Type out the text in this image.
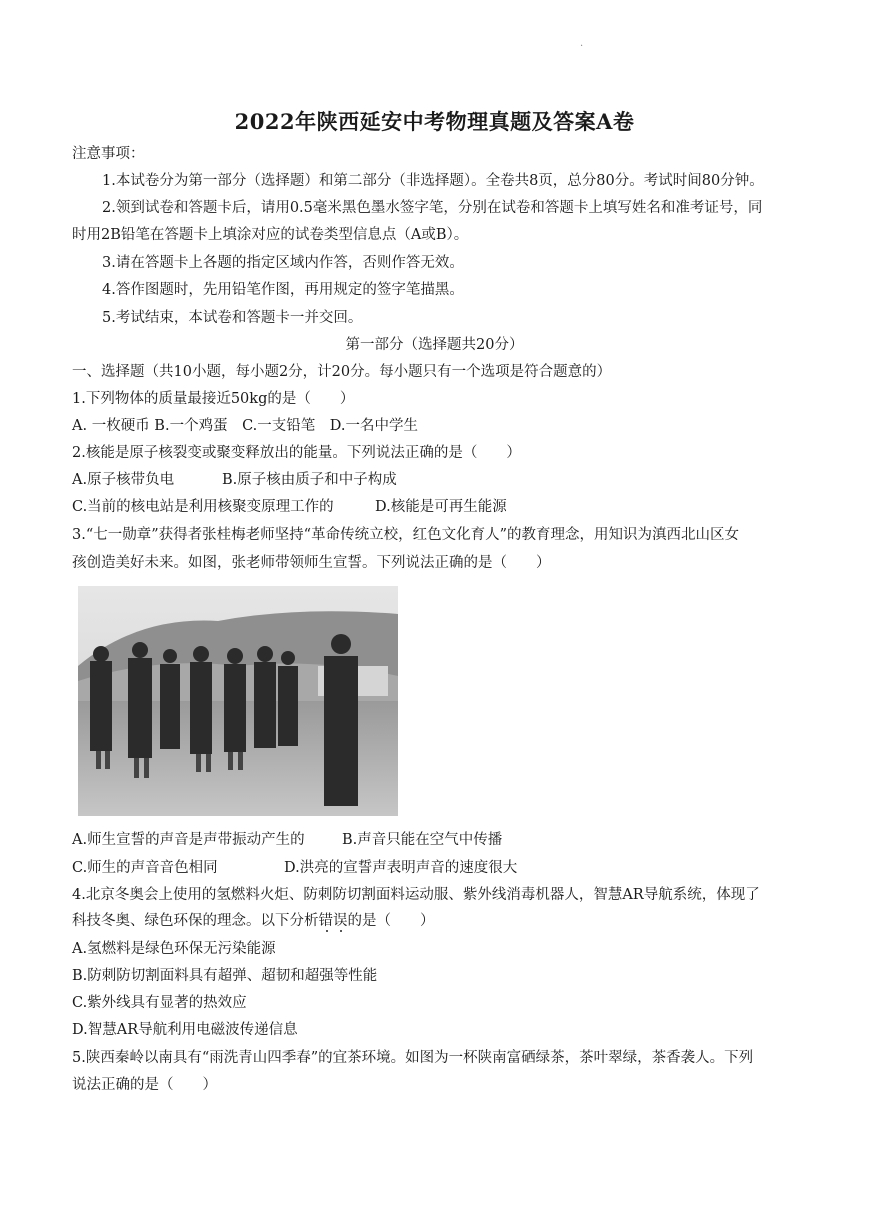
.
2022年陕西延安中考物理真题及答案A卷
注意事项：
1.本试卷分为第一部分（选择题）和第二部分（非选择题）。全卷共8页，总分80分。考试时间80分钟。
2.领到试卷和答题卡后，请用0.5毫米黑色墨水签字笔，分别在试卷和答题卡上填写姓名和准考证号，同
时用2B铅笔在答题卡上填涂对应的试卷类型信息点（A或B）。
3.请在答题卡上各题的指定区域内作答，否则作答无效。
4.答作图题时，先用铅笔作图，再用规定的签字笔描黑。
5.考试结束，本试卷和答题卡一并交回。
第一部分（选择题共20分）
一、选择题（共10小题，每小题2分，计20分。每小题只有一个选项是符合题意的）
1.下列物体的质量最接近50kg的是（　　）
A. 一枚硬币 B.一个鸡蛋　C.一支铅笔　D.一名中学生
2.核能是原子核裂变或聚变释放出的能量。下列说法正确的是（　　）
A.原子核带负电	B.原子核由质子和中子构成
C.当前的核电站是利用核聚变原理工作的	D.核能是可再生能源
3.“七一勋章”获得者张桂梅老师坚持“革命传统立校，红色文化育人”的教育理念，用知识为滇西北山区女
孩创造美好未来。如图，张老师带领师生宣誓。下列说法正确的是（　　）
A.师生宣誓的声音是声带振动产生的	B.声音只能在空气中传播
C.师生的声音音色相同	D.洪亮的宣誓声表明声音的速度很大
4.北京冬奥会上使用的氢燃料火炬、防刺防切割面料运动服、紫外线消毒机器人，智慧AR导航系统，体现了
科技冬奥、绿色环保的理念。以下分析错误
的是（　　）
A.氢燃料是绿色环保无污染能源
B.防刺防切割面料具有超弹、超韧和超强等性能
C.紫外线具有显著的热效应
D.智慧AR导航利用电磁波传递信息
5.陕西秦岭以南具有“雨洗青山四季春”的宜茶环境。如图为一杯陕南富硒绿茶，茶叶翠绿，茶香袭人。下列
说法正确的是（　　）
